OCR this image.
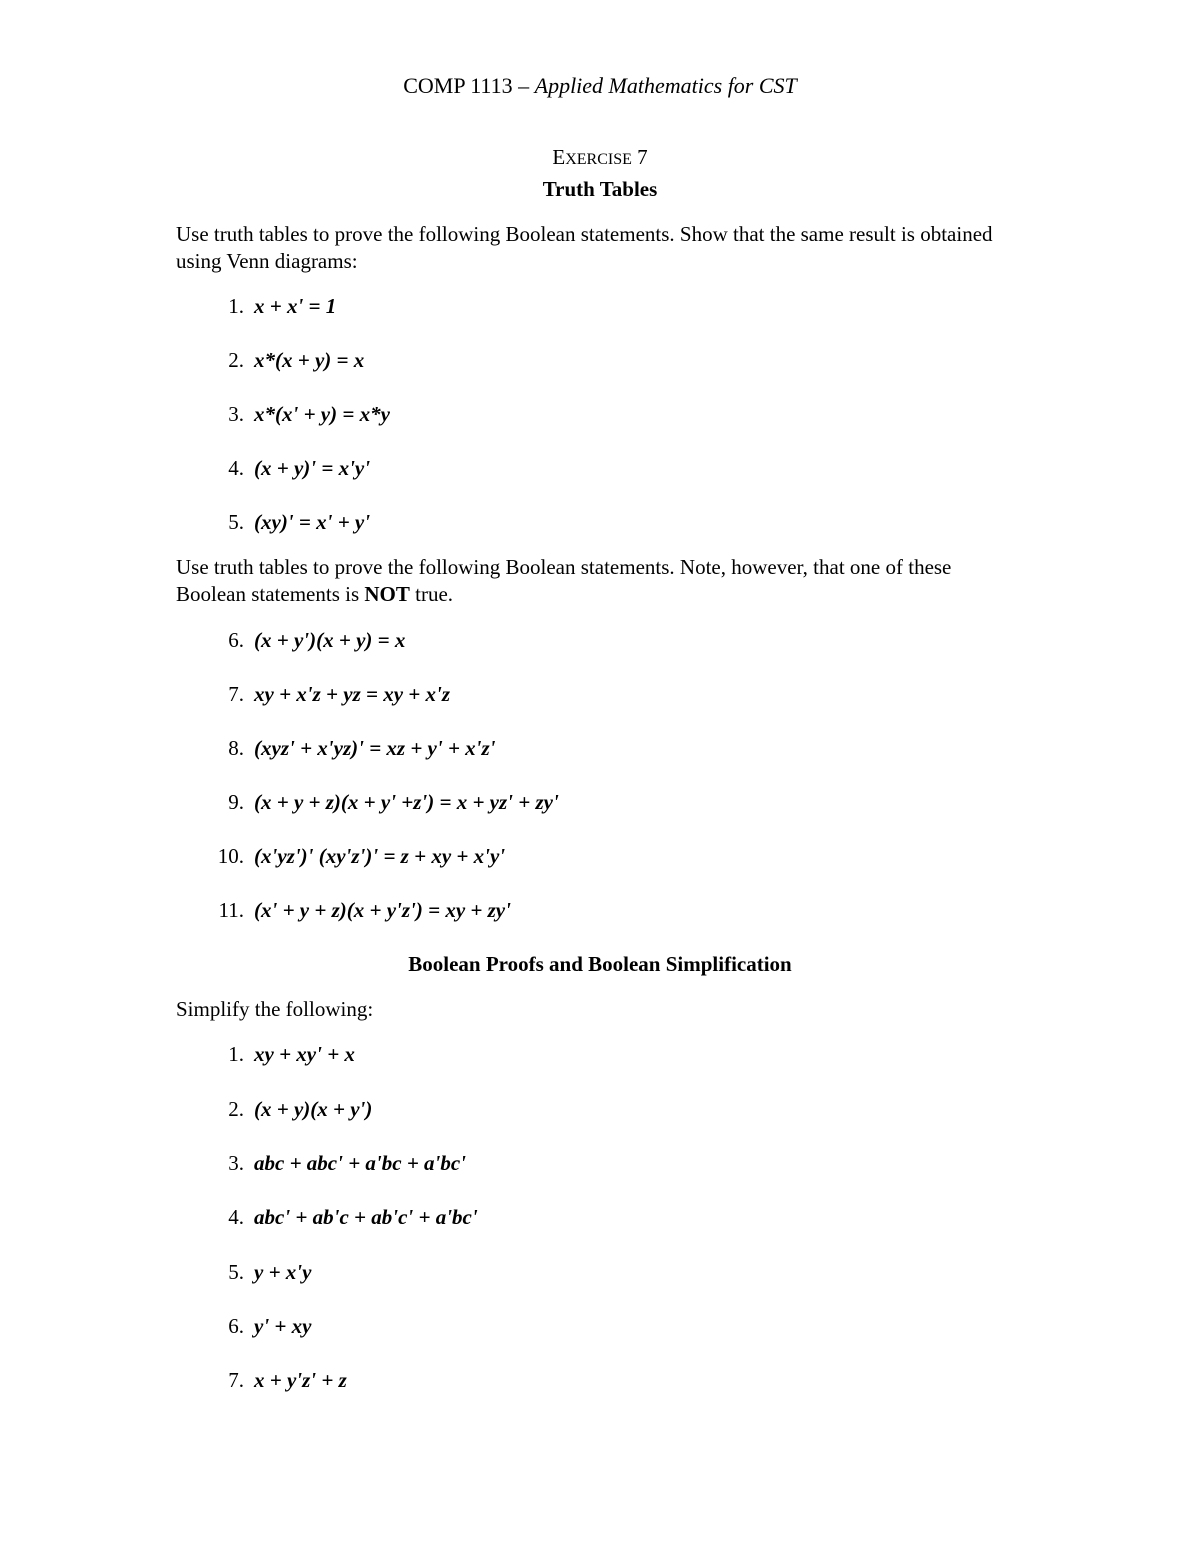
COMP 1113 – Applied Mathematics for CST
EXERCISE 7
Truth Tables
Use truth tables to prove the following Boolean statements. Show that the same result is obtained using Venn diagrams:
1. x + x' = 1
2. x*(x + y) = x
3. x*(x' + y) = x*y
4. (x + y)' = x'y'
5. (xy)' = x' + y'
Use truth tables to prove the following Boolean statements. Note, however, that one of these Boolean statements is NOT true.
6. (x + y')(x + y) = x
7. xy + x'z + yz = xy + x'z
8. (xyz' + x'yz)' = xz + y' + x'z'
9. (x + y + z)(x + y' +z') = x + yz' + zy'
10. (x'yz')' (xy'z')' = z + xy + x'y'
11. (x' + y + z)(x + y'z') = xy + zy'
Boolean Proofs and Boolean Simplification
Simplify the following:
1. xy + xy' + x
2. (x + y)(x + y')
3. abc + abc' + a'bc + a'bc'
4. abc' + ab'c + ab'c' + a'bc'
5. y + x'y
6. y' + xy
7. x + y'z' + z
